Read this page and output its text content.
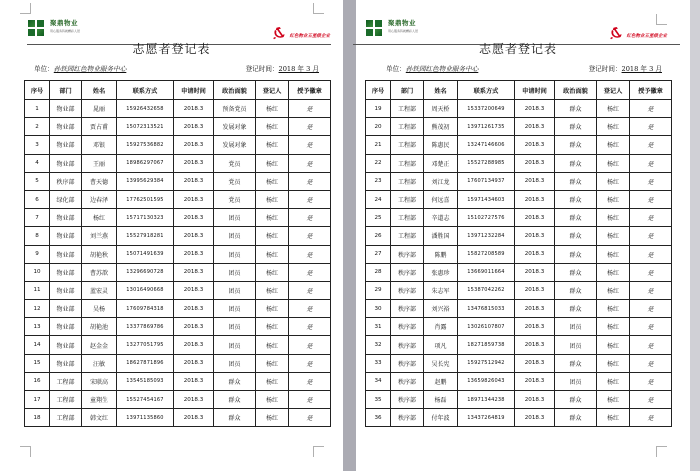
聚鼎物业
用心服务铸就精彩人居
红色物业五星级企业
志愿者登记表
单位：孙铁园红色物业服务中心	登记时间：2018 年 3 月
序号	部门	姓名	联系方式	申请时间	政治面貌	登记人	授予徽章
1	物业部	晁丽	15926432658	2018.3	预备党员	杨红	是
2	物业部	贾占甫	15072313521	2018.3	发展对象	杨红	是
3	物业部	邓银	15927536882	2018.3	发展对象	杨红	是
4	物业部	王丽	18986297067	2018.3	党员	杨红	是
5	秩序部	曹天德	13995629384	2018.3	党员	杨红	是
6	绿化部	边春泽	17762501595	2018.3	党员	杨红	是
7	物业部	杨红	15717130323	2018.3	团员	杨红	是
8	物业部	刘兰燕	15527918281	2018.3	团员	杨红	是
9	物业部	胡艳秋	15071491639	2018.3	团员	杨红	是
10	物业部	曹苏歆	13296690728	2018.3	团员	杨红	是
11	物业部	蓝宏灵	13016490668	2018.3	团员	杨红	是
12	物业部	吴杨	17609784318	2018.3	团员	杨红	是
13	物业部	胡艳池	13377869786	2018.3	团员	杨红	是
14	物业部	赵金金	13277051795	2018.3	团员	杨红	是
15	物业部	汪敏	18627871896	2018.3	团员	杨红	是
16	工程部	宋联高	13545185093	2018.3	群众	杨红	是
17	工程部	童翔生	15527454167	2018.3	群众	杨红	是
18	工程部	韩文红	13971135860	2018.3	群众	杨红	是
聚鼎物业
用心服务铸就精彩人居
红色物业五星级企业
志愿者登记表
单位：孙铁园红色物业服务中心	登记时间：2018 年 3 月
序号	部门	姓名	联系方式	申请时间	政治面貌	登记人	授予徽章
19	工程部	周天桥	15337200649	2018.3	群众	杨红	是
20	工程部	熊茂初	13971261735	2018.3	群众	杨红	是
21	工程部	陈惠民	13247146606	2018.3	群众	杨红	是
22	工程部	邓楚正	15527288985	2018.3	群众	杨红	是
23	工程部	刘江龙	17607134937	2018.3	群众	杨红	是
24	工程部	何远喜	15971434603	2018.3	群众	杨红	是
25	工程部	辛道志	15102727576	2018.3	群众	杨红	是
26	工程部	潘胜国	13971232284	2018.3	群众	杨红	是
27	秩序部	陈鹏	15827208589	2018.3	群众	杨红	是
28	秩序部	张惠珍	13669011664	2018.3	群众	杨红	是
29	秩序部	朱志军	15387042262	2018.3	群众	杨红	是
30	秩序部	刘兴裕	13476815033	2018.3	群众	杨红	是
31	秩序部	肖露	13026107807	2018.3	团员	杨红	是
32	秩序部	项凡	18271859738	2018.3	团员	杨红	是
33	秩序部	吴长宪	15927512942	2018.3	群众	杨红	是
34	秩序部	赵鹏	13659826043	2018.3	团员	杨红	是
35	秩序部	杨磊	18971344238	2018.3	群众	杨红	是
36	秩序部	付年波	13437264819	2018.3	群众	杨红	是
